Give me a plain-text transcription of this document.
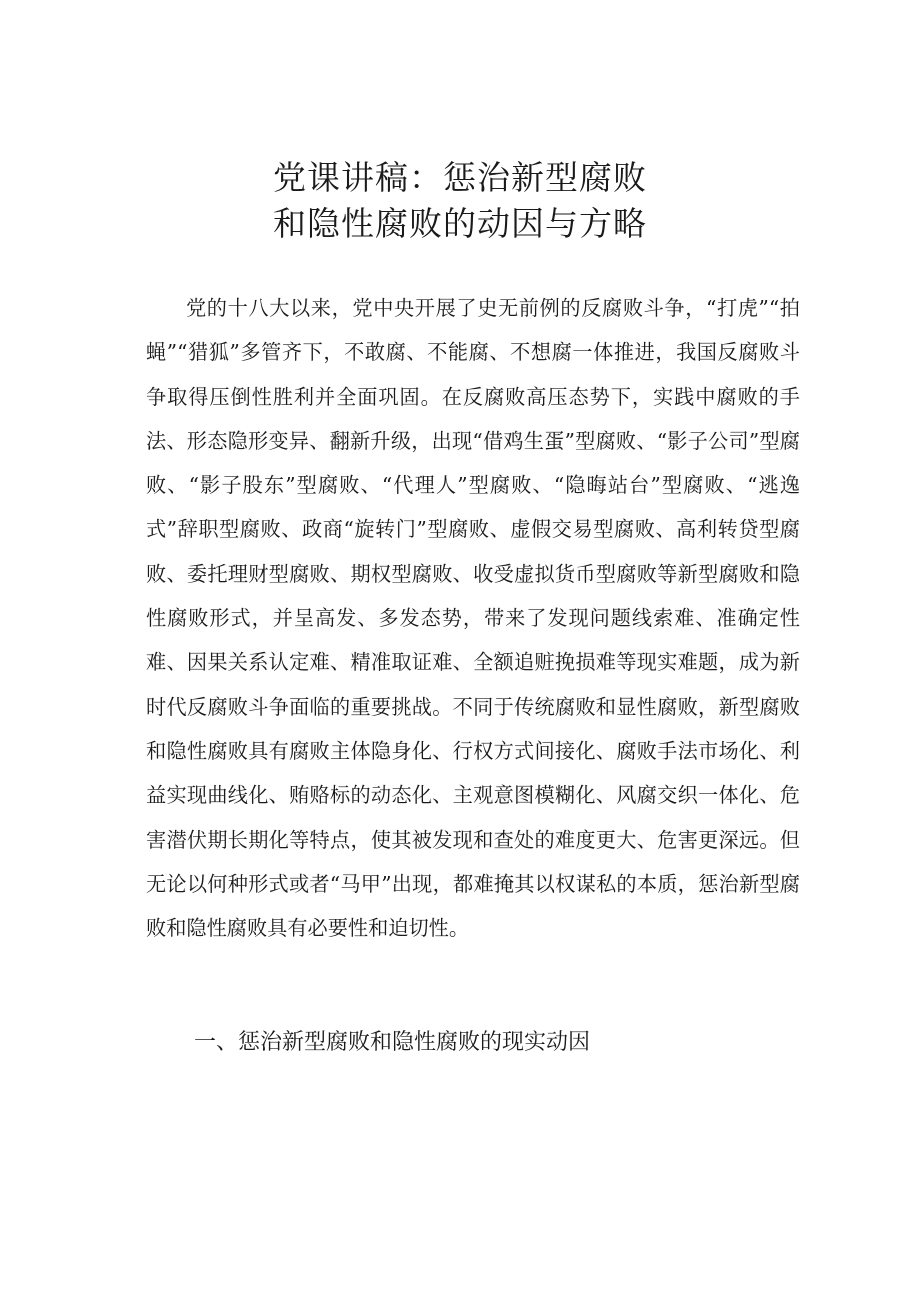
党课讲稿：惩治新型腐败
和隐性腐败的动因与方略

党的十八大以来，党中央开展了史无前例的反腐败斗争，“打虎”“拍蝇”“猎狐”多管齐下，不敢腐、不能腐、不想腐一体推进，我国反腐败斗争取得压倒性胜利并全面巩固。在反腐败高压态势下，实践中腐败的手法、形态隐形变异、翻新升级，出现“借鸡生蛋”型腐败、“影子公司”型腐败、“影子股东”型腐败、“代理人”型腐败、“隐晦站台”型腐败、“逃逸式”辞职型腐败、政商“旋转门”型腐败、虚假交易型腐败、高利转贷型腐败、委托理财型腐败、期权型腐败、收受虚拟货币型腐败等新型腐败和隐性腐败形式，并呈高发、多发态势，带来了发现问题线索难、准确定性难、因果关系认定难、精准取证难、全额追赃挽损难等现实难题，成为新时代反腐败斗争面临的重要挑战。不同于传统腐败和显性腐败，新型腐败和隐性腐败具有腐败主体隐身化、行权方式间接化、腐败手法市场化、利益实现曲线化、贿赂标的动态化、主观意图模糊化、风腐交织一体化、危害潜伏期长期化等特点，使其被发现和查处的难度更大、危害更深远。但无论以何种形式或者“马甲”出现，都难掩其以权谋私的本质，惩治新型腐败和隐性腐败具有必要性和迫切性。

一、惩治新型腐败和隐性腐败的现实动因
